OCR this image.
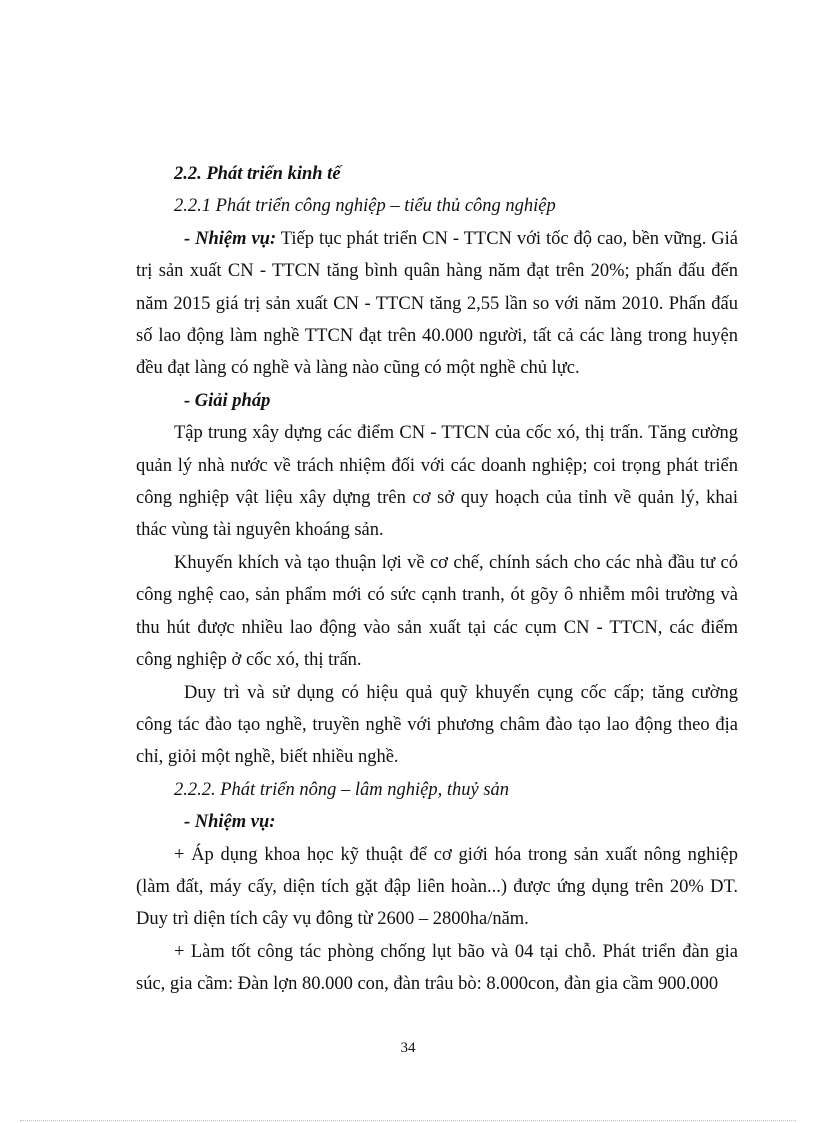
2.2. Phát triển kinh tế

2.2.1 Phát triển công nghiệp – tiểu thủ công nghiệp

- Nhiệm vụ: Tiếp tục phát triển CN - TTCN với tốc độ cao, bền vững. Giá trị sản xuất CN - TTCN tăng bình quân hàng năm đạt trên 20%; phấn đấu đến năm 2015 giá trị sản xuất CN - TTCN tăng 2,55 lần so với năm 2010. Phấn đấu số lao động làm nghề TTCN đạt trên 40.000 người, tất cả các làng trong huyện đều đạt làng có nghề và làng nào cũng có một nghề chủ lực.

- Giải pháp

Tập trung xây dựng các điểm CN - TTCN của cốc xó, thị trấn. Tăng cường quản lý nhà nước về trách nhiệm đối với các doanh nghiệp; coi trọng phát triển công nghiệp vật liệu xây dựng trên cơ sở quy hoạch của tỉnh về quản lý, khai thác vùng tài nguyên khoáng sản.

Khuyến khích và tạo thuận lợi về cơ chế, chính sách cho các nhà đầu tư có công nghệ cao, sản phẩm mới có sức cạnh tranh, ót gõy ô nhiễm môi trường và thu hút được nhiều lao động vào sản xuất tại các cụm CN - TTCN, các điểm công nghiệp ở cốc xó, thị trấn.

Duy trì và sử dụng có hiệu quả quỹ khuyến cụng cốc cấp; tăng cường công tác đào tạo nghề, truyền nghề với phương châm đào tạo lao động theo địa chỉ, giỏi một nghề, biết nhiều nghề.

2.2.2. Phát triển nông – lâm nghiệp, thuỷ sản

- Nhiệm vụ:

+ Áp dụng khoa học kỹ thuật để cơ giới hóa trong sản xuất nông nghiệp (làm đất, máy cấy, diện tích gặt đập liên hoàn...) được ứng dụng trên 20% DT. Duy trì diện tích cây vụ đông từ 2600 – 2800ha/năm.

+ Làm tốt công tác phòng chống lụt bão và 04 tại chỗ. Phát triển đàn gia súc, gia cầm: Đàn lợn 80.000 con, đàn trâu bò: 8.000con, đàn gia cầm 900.000

34
